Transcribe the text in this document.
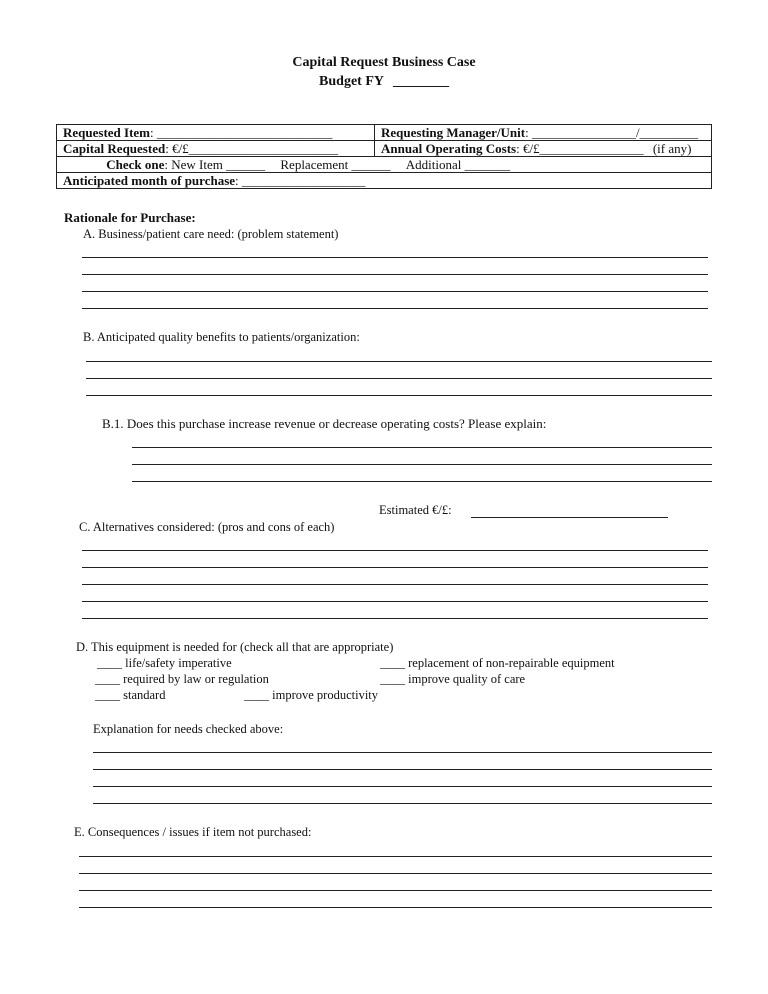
Capital Request Business Case
Budget FY ________
Requested Item: ___________________________	Requesting Manager/Unit: ________________/_________
Capital Requested: €/£_______________________	Annual Operating Costs: €/£________________ (if any)
Check one: New Item ______ Replacement ______ Additional _______	
Anticipated month of purchase: ___________________	
Rationale for Purchase:
A. Business/patient care need: (problem statement)
B. Anticipated quality benefits to patients/organization:
B.1. Does this purchase increase revenue or decrease operating costs? Please explain:
Estimated €/£:
C. Alternatives considered: (pros and cons of each)
D. This equipment is needed for (check all that are appropriate)
____ life/safety imperative	____ replacement of non-repairable equipment
____ required by law or regulation	____ improve quality of care
____ standard	____ improve productivity
Explanation for needs checked above:
E. Consequences / issues if item not purchased:
